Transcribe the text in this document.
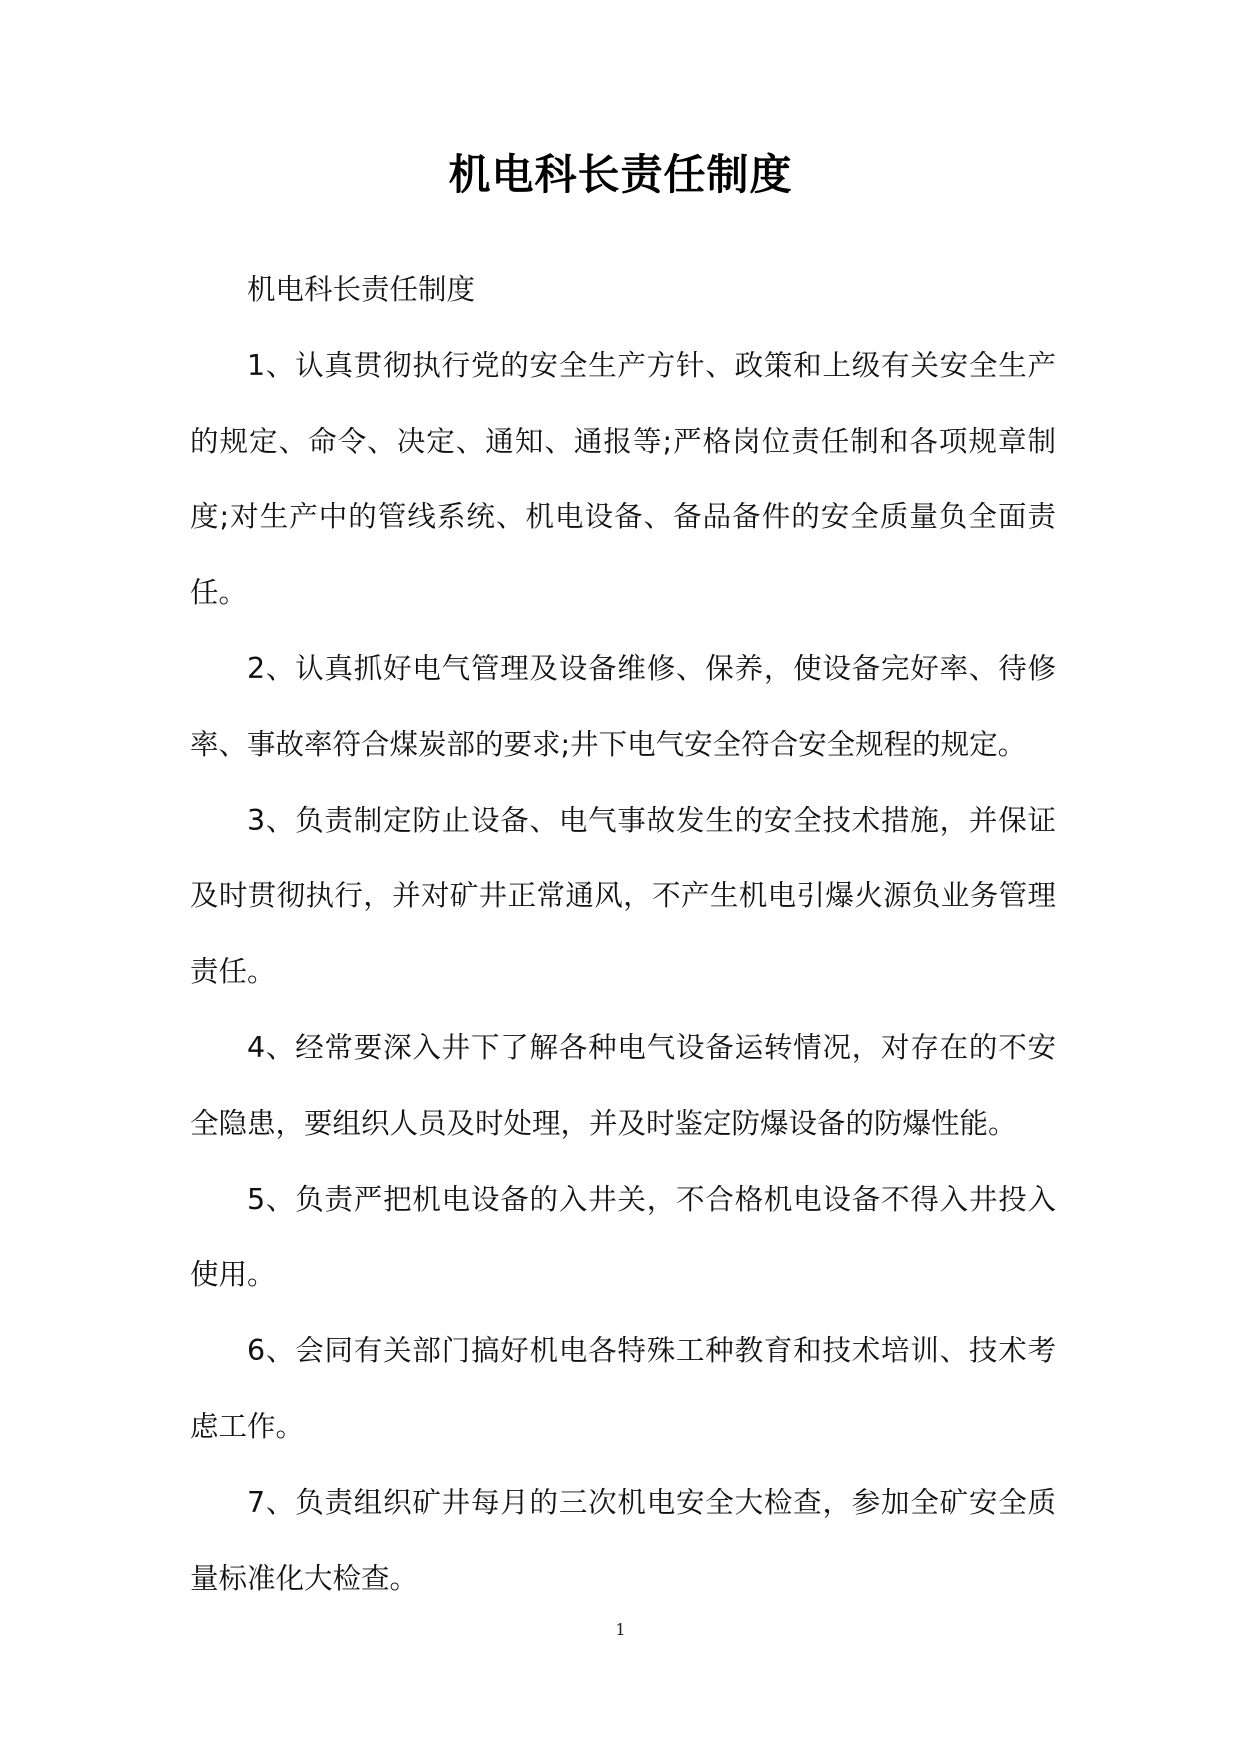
机电科长责任制度

机电科长责任制度

1、认真贯彻执行党的安全生产方针、政策和上级有关安全生产的规定、命令、决定、通知、通报等;严格岗位责任制和各项规章制度;对生产中的管线系统、机电设备、备品备件的安全质量负全面责任。

2、认真抓好电气管理及设备维修、保养，使设备完好率、待修率、事故率符合煤炭部的要求;井下电气安全符合安全规程的规定。

3、负责制定防止设备、电气事故发生的安全技术措施，并保证及时贯彻执行，并对矿井正常通风，不产生机电引爆火源负业务管理责任。

4、经常要深入井下了解各种电气设备运转情况，对存在的不安全隐患，要组织人员及时处理，并及时鉴定防爆设备的防爆性能。

5、负责严把机电设备的入井关，不合格机电设备不得入井投入使用。

6、会同有关部门搞好机电各特殊工种教育和技术培训、技术考虑工作。

7、负责组织矿井每月的三次机电安全大检查，参加全矿安全质量标准化大检查。

1
